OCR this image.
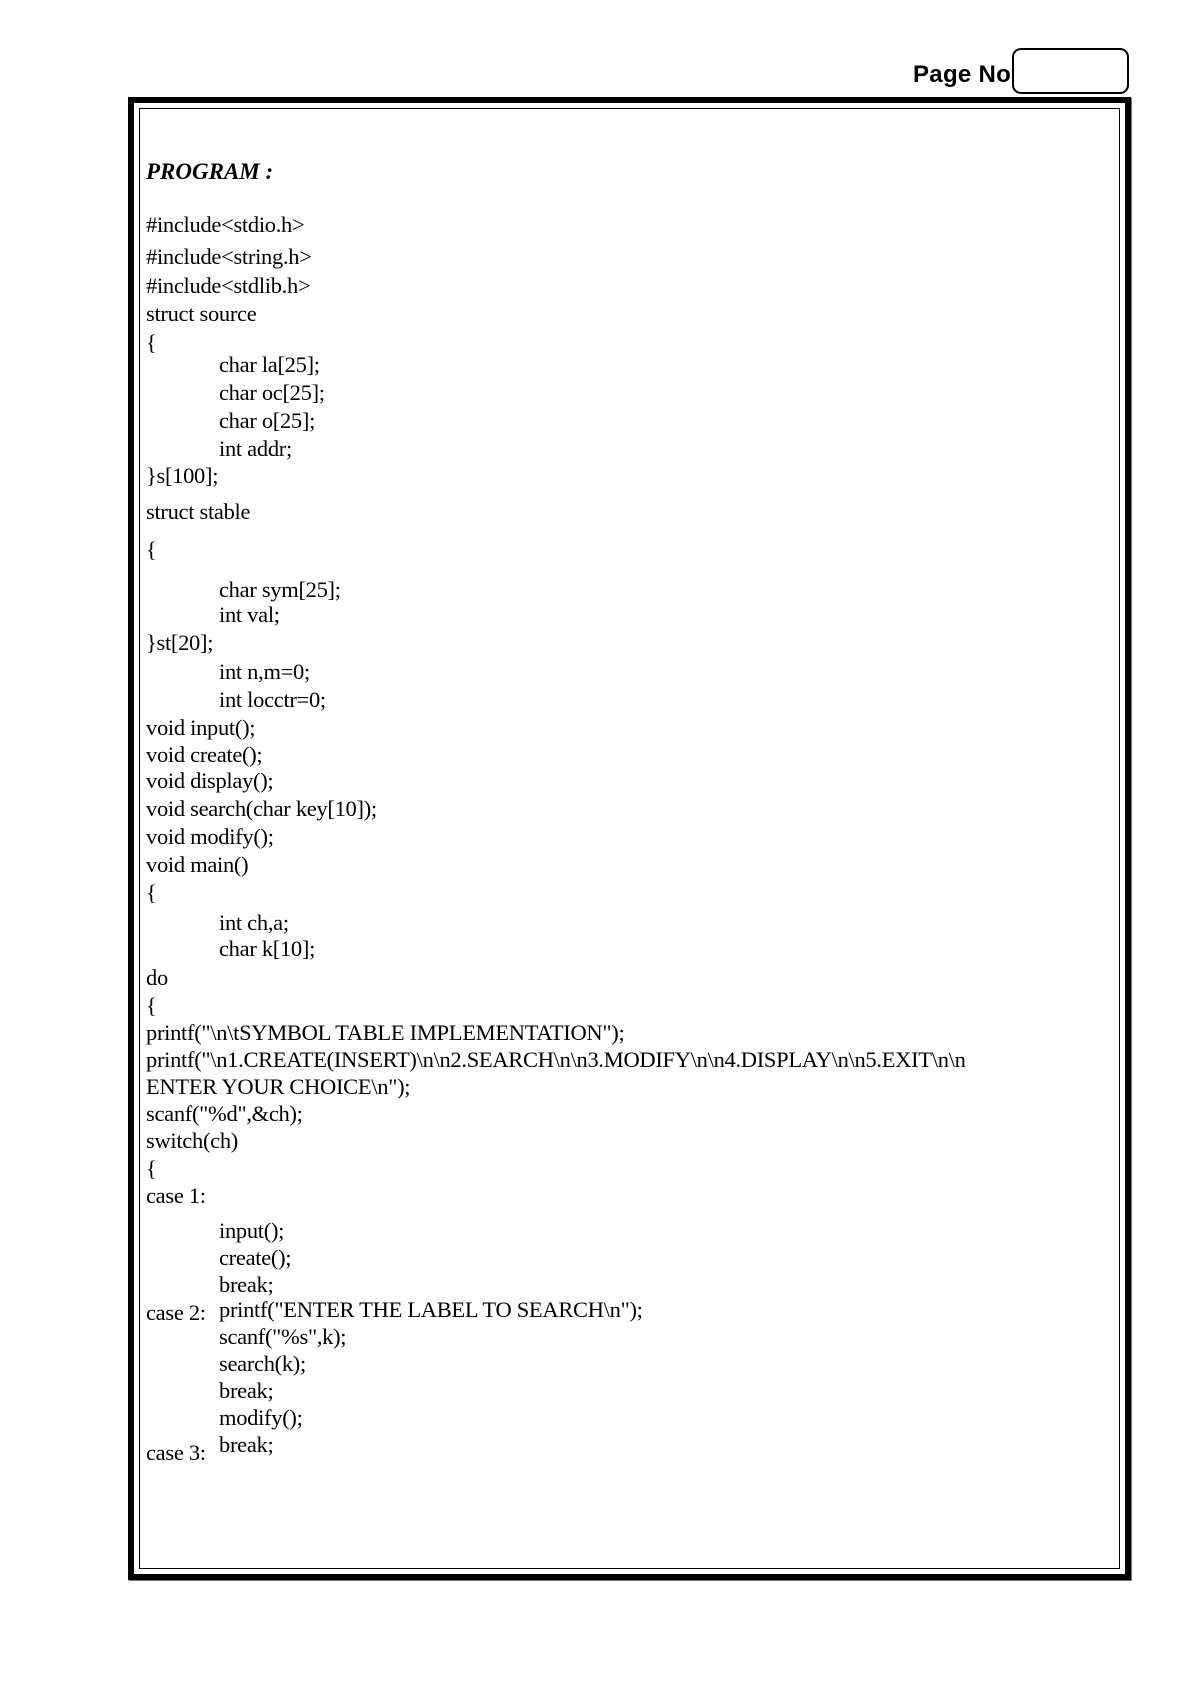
Page No
PROGRAM :
#include<stdio.h>
#include<string.h>
#include<stdlib.h>
struct source
{
char la[25];
char oc[25];
char o[25];
int addr;
}s[100];
struct stable
{
char sym[25];
int val;
}st[20];
int n,m=0;
int locctr=0;
void input();
void create();
void display();
void search(char key[10]);
void modify();
void main()
{
int ch,a;
char k[10];
do
{
printf("\n\tSYMBOL TABLE IMPLEMENTATION");
printf("\n1.CREATE(INSERT)\n\n2.SEARCH\n\n3.MODIFY\n\n4.DISPLAY\n\n5.EXIT\n\n
ENTER YOUR CHOICE\n");
scanf("%d",&ch);
switch(ch)
{
case 1:
input();
create();
break;
case 2: printf("ENTER THE LABEL TO SEARCH\n");
scanf("%s",k);
search(k);
break;
modify();
break;
case 3:
